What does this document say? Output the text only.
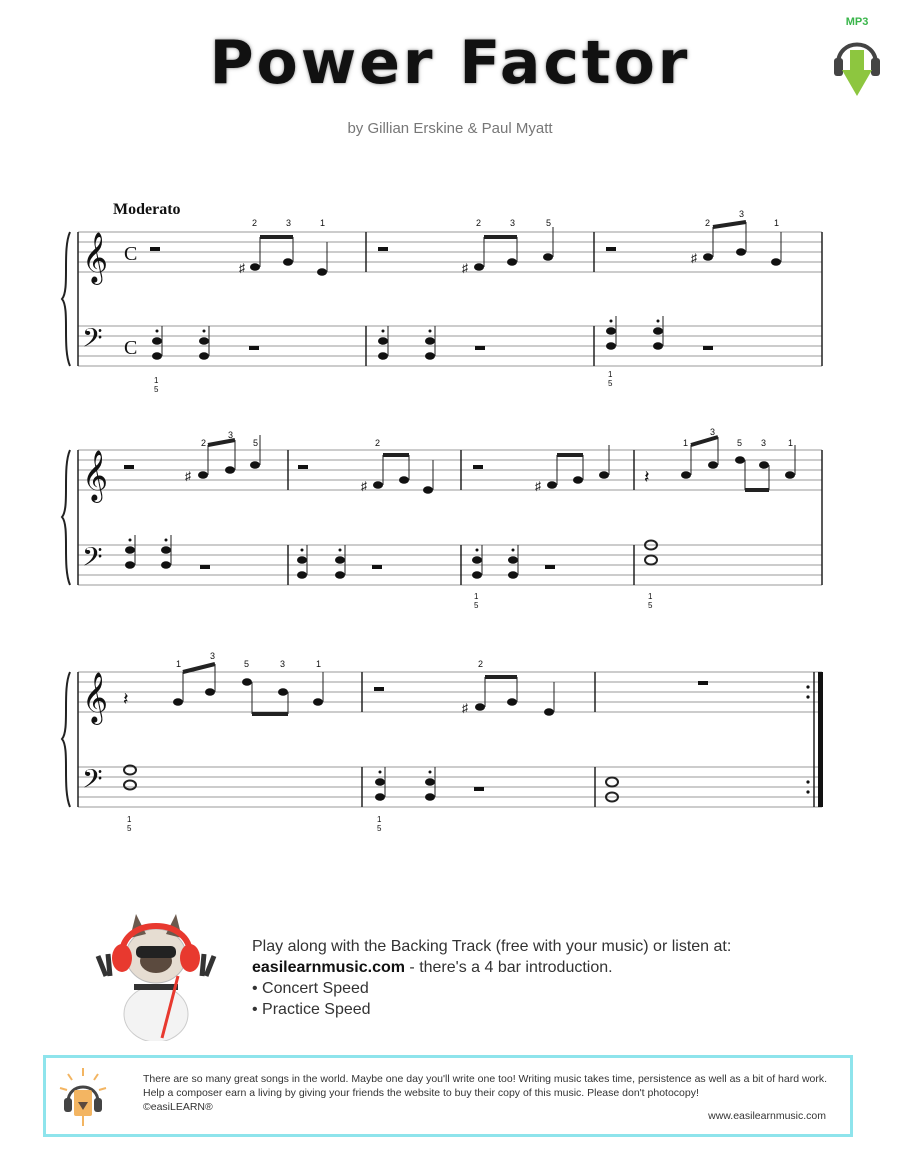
Power Factor
by Gillian Erskine & Paul Myatt
MP3
Moderato
𝄞
𝄢
C
C
♯
2	3	1
1
5
♯
2	3	5
♯
2
3
1
1
5
𝄞
𝄢
♯
2
3
5
♯
2
♯
1
5
𝄽
1
3
5 3 1
1
5
𝄞
𝄢
𝄽
1
3
5	3	1
1
5
♯
2
1
5
Play along with the Backing Track (free with your music) or listen at:
easilearnmusic.com - there's a 4 bar introduction.
• Concert Speed
• Practice Speed
There are so many great songs in the world. Maybe one day you'll write one too! Writing music takes time, persistence as well as a bit of hard work. Help a composer earn a living by giving your friends the website to buy their copy of this music. Please don't photocopy!
©easiLEARN®
www.easilearnmusic.com
